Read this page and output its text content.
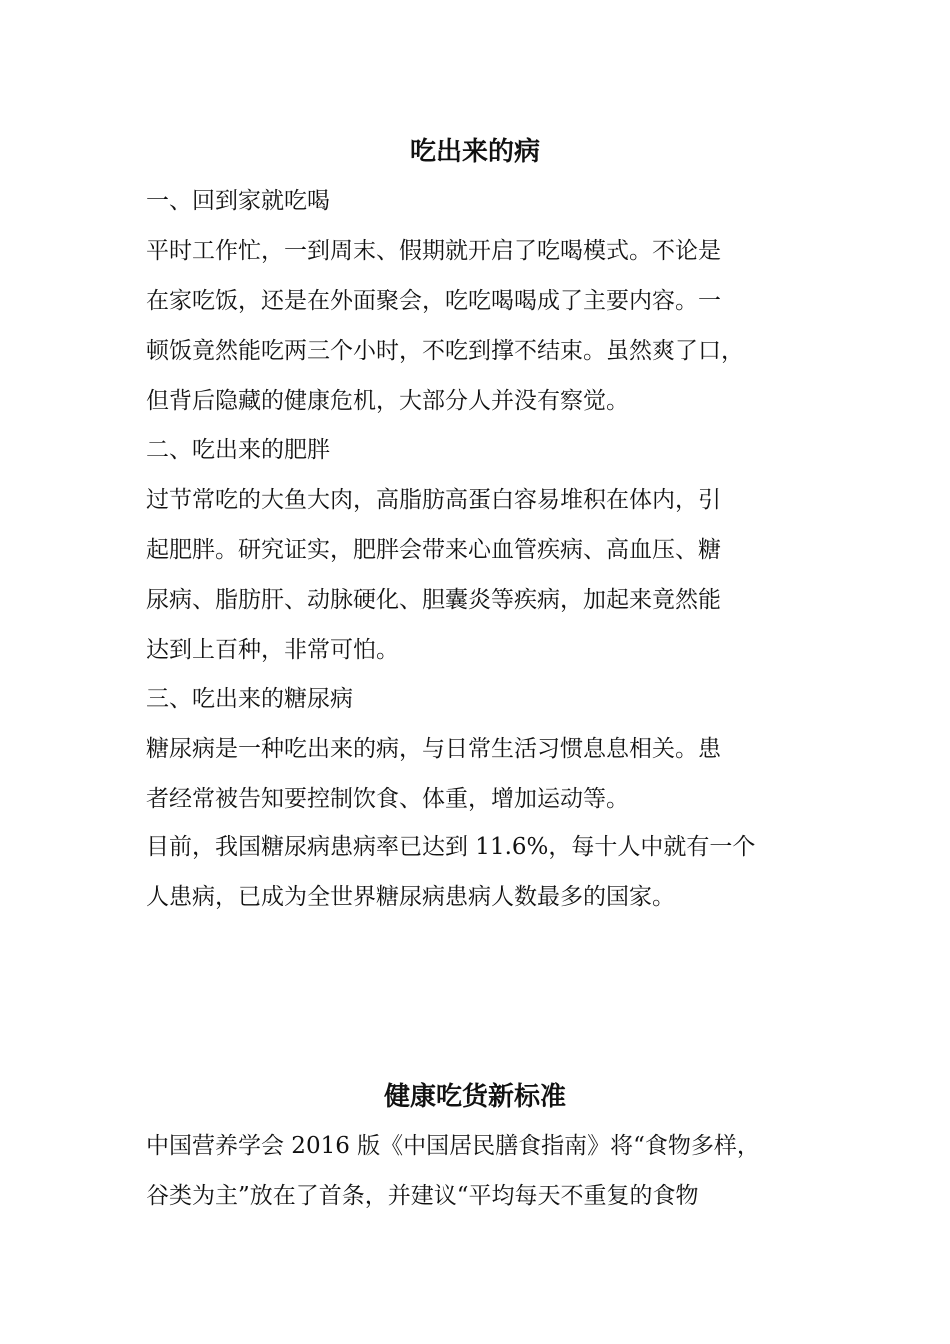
吃出来的病

一、回到家就吃喝

平时工作忙，一到周末、假期就开启了吃喝模式。不论是

在家吃饭，还是在外面聚会，吃吃喝喝成了主要内容。一

顿饭竟然能吃两三个小时，不吃到撑不结束。虽然爽了口，

但背后隐藏的健康危机，大部分人并没有察觉。

二、吃出来的肥胖

过节常吃的大鱼大肉，高脂肪高蛋白容易堆积在体内，引

起肥胖。研究证实，肥胖会带来心血管疾病、高血压、糖

尿病、脂肪肝、动脉硬化、胆囊炎等疾病，加起来竟然能

达到上百种，非常可怕。

三、吃出来的糖尿病

糖尿病是一种吃出来的病，与日常生活习惯息息相关。患

者经常被告知要控制饮食、体重，增加运动等。

目前，我国糖尿病患病率已达到 11.6%，每十人中就有一个

人患病，已成为全世界糖尿病患病人数最多的国家。

健康吃货新标准

中国营养学会 2016 版《中国居民膳食指南》将“食物多样，

谷类为主”放在了首条，并建议“平均每天不重复的食物
